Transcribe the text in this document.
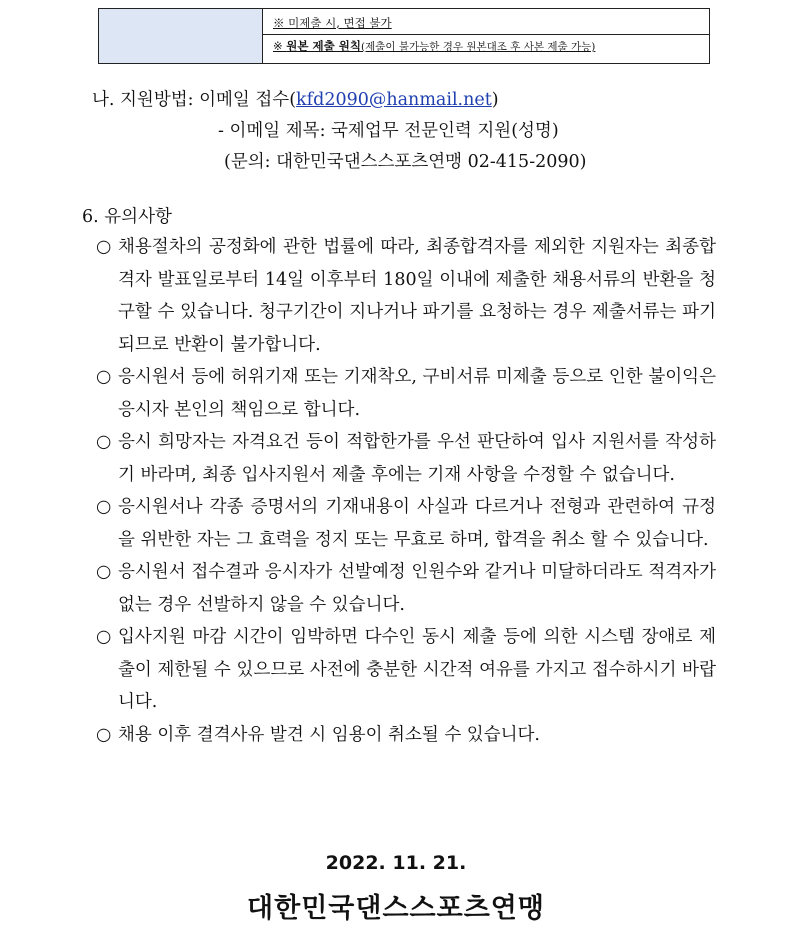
※ 미제출 시, 면접 불가
※ 원본 제출 원칙(제출이 불가능한 경우 원본대조 후 사본 제출 가능)
나. 지원방법: 이메일 접수(kfd2090@hanmail.net)
- 이메일 제목: 국제업무 전문인력 지원(성명)
(문의: 대한민국댄스스포츠연맹 02-415-2090)
6. 유의사항
○ 채용절차의 공정화에 관한 법률에 따라, 최종합격자를 제외한 지원자는 최종합격자 발표일로부터 14일 이후부터 180일 이내에 제출한 채용서류의 반환을 청구할 수 있습니다. 청구기간이 지나거나 파기를 요청하는 경우 제출서류는 파기되므로 반환이 불가합니다.
○ 응시원서 등에 허위기재 또는 기재착오, 구비서류 미제출 등으로 인한 불이익은 응시자 본인의 책임으로 합니다.
○ 응시 희망자는 자격요건 등이 적합한가를 우선 판단하여 입사 지원서를 작성하기 바라며, 최종 입사지원서 제출 후에는 기재 사항을 수정할 수 없습니다.
○ 응시원서나 각종 증명서의 기재내용이 사실과 다르거나 전형과 관련하여 규정을 위반한 자는 그 효력을 정지 또는 무효로 하며, 합격을 취소 할 수 있습니다.
○ 응시원서 접수결과 응시자가 선발예정 인원수와 같거나 미달하더라도 적격자가 없는 경우 선발하지 않을 수 있습니다.
○ 입사지원 마감 시간이 임박하면 다수인 동시 제출 등에 의한 시스템 장애로 제출이 제한될 수 있으므로 사전에 충분한 시간적 여유를 가지고 접수하시기 바랍니다.
○ 채용 이후 결격사유 발견 시 임용이 취소될 수 있습니다.
2022. 11. 21.
대한민국댄스스포츠연맹
